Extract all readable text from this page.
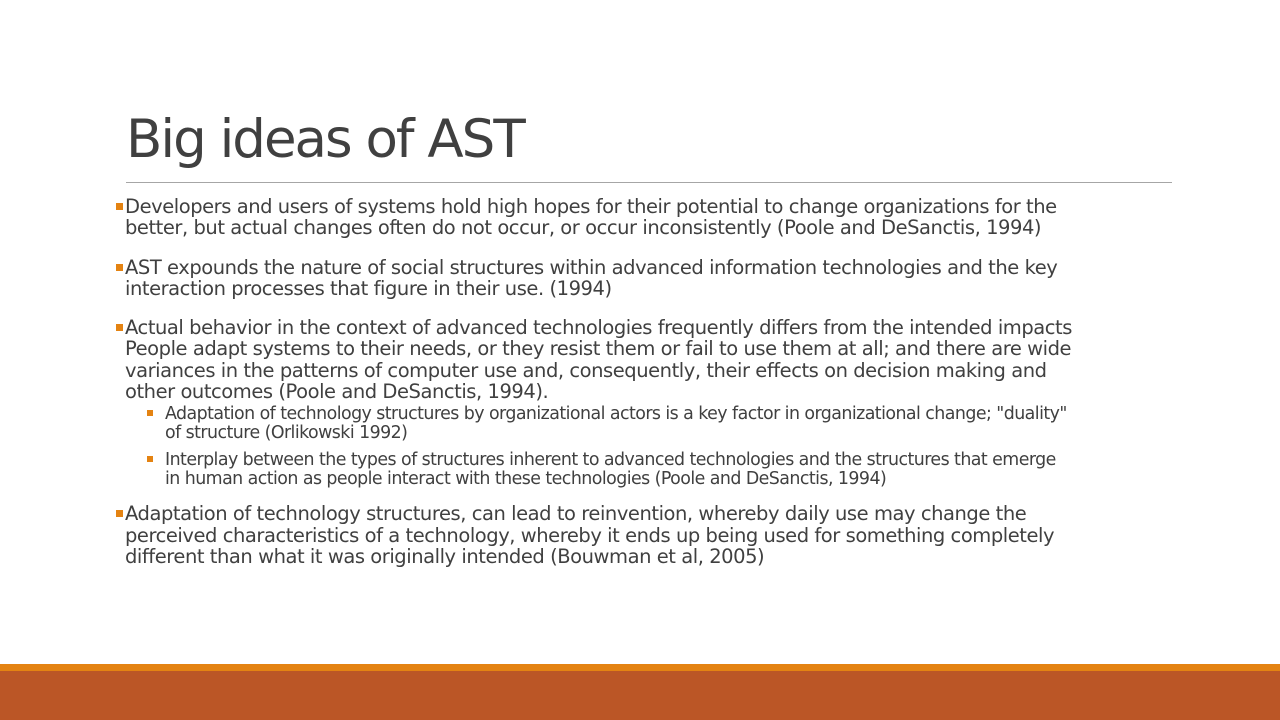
Big ideas of AST
Developers and users of systems hold high hopes for their potential to change organizations for the
better, but actual changes often do not occur, or occur inconsistently (Poole and DeSanctis, 1994)
AST expounds the nature of social structures within advanced information technologies and the key
interaction processes that figure in their use. (1994)
Actual behavior in the context of advanced technologies frequently differs from the intended impacts
People adapt systems to their needs, or they resist them or fail to use them at all; and there are wide
variances in the patterns of computer use and, consequently, their effects on decision making and
other outcomes (Poole and DeSanctis, 1994).
Adaptation of technology structures by organizational actors is a key factor in organizational change; "duality"
of structure (Orlikowski 1992)
Interplay between the types of structures inherent to advanced technologies and the structures that emerge
in human action as people interact with these technologies (Poole and DeSanctis, 1994)
Adaptation of technology structures, can lead to reinvention, whereby daily use may change the
perceived characteristics of a technology, whereby it ends up being used for something completely
different than what it was originally intended (Bouwman et al, 2005)
